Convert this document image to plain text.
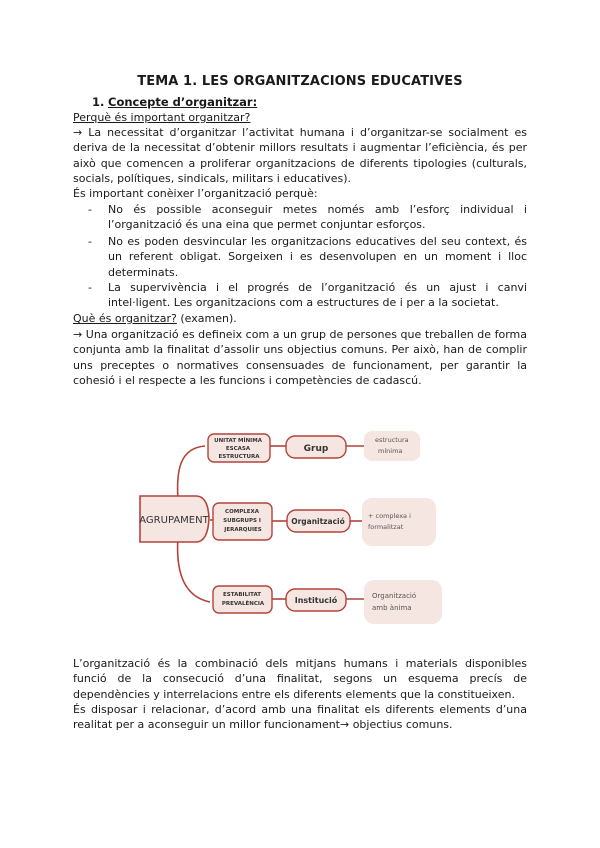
TEMA 1. LES ORGANITZACIONS EDUCATIVES
1. Concepte d’organitzar:
Perquè és important organitzar?
→ La necessitat d’organitzar l’activitat humana i d’organitzar-se socialment es deriva de la necessitat d’obtenir millors resultats i augmentar l’eficiència, és per això que comencen a proliferar organitzacions de diferents tipologies (culturals, socials, polítiques, sindicals, militars i educatives).
És important conèixer l’organització perquè:
- No és possible aconseguir metes només amb l’esforç individual i l’organització és una eina que permet conjuntar esforços.
- No es poden desvincular les organitzacions educatives del seu context, és un referent obligat. Sorgeixen i es desenvolupen en un moment i lloc determinats.
- La supervivència i el progrés de l’organització és un ajust i canvi intel·ligent. Les organitzacions com a estructures de i per a la societat.
Què és organitzar? (examen).
→ Una organització es defineix com a un grup de persones que treballen de forma conjunta amb la finalitat d’assolir uns objectius comuns. Per això, han de complir uns preceptes o normatives consensuades de funcionament, per garantir la cohesió i el respecte a les funcions i competències de cadascú.
AGRUPAMENT
UNITAT MÍNIMA ESCASA ESTRUCTURA
Grup
estructura mínima
COMPLEXA SUBGRUPS I JERARQUIES
Organització
+ complexa i formalitzat
ESTABILITAT PREVALÈNCIA	Institució	Organització amb ànima
L’organització és la combinació dels mitjans humans i materials disponibles funció de la consecució d’una finalitat, segons un esquema precís de dependències y interrelacions entre els diferents elements que la constitueixen.
És disposar i relacionar, d’acord amb una finalitat els diferents elements d’una realitat per a aconseguir un millor funcionament→ objectius comuns.
